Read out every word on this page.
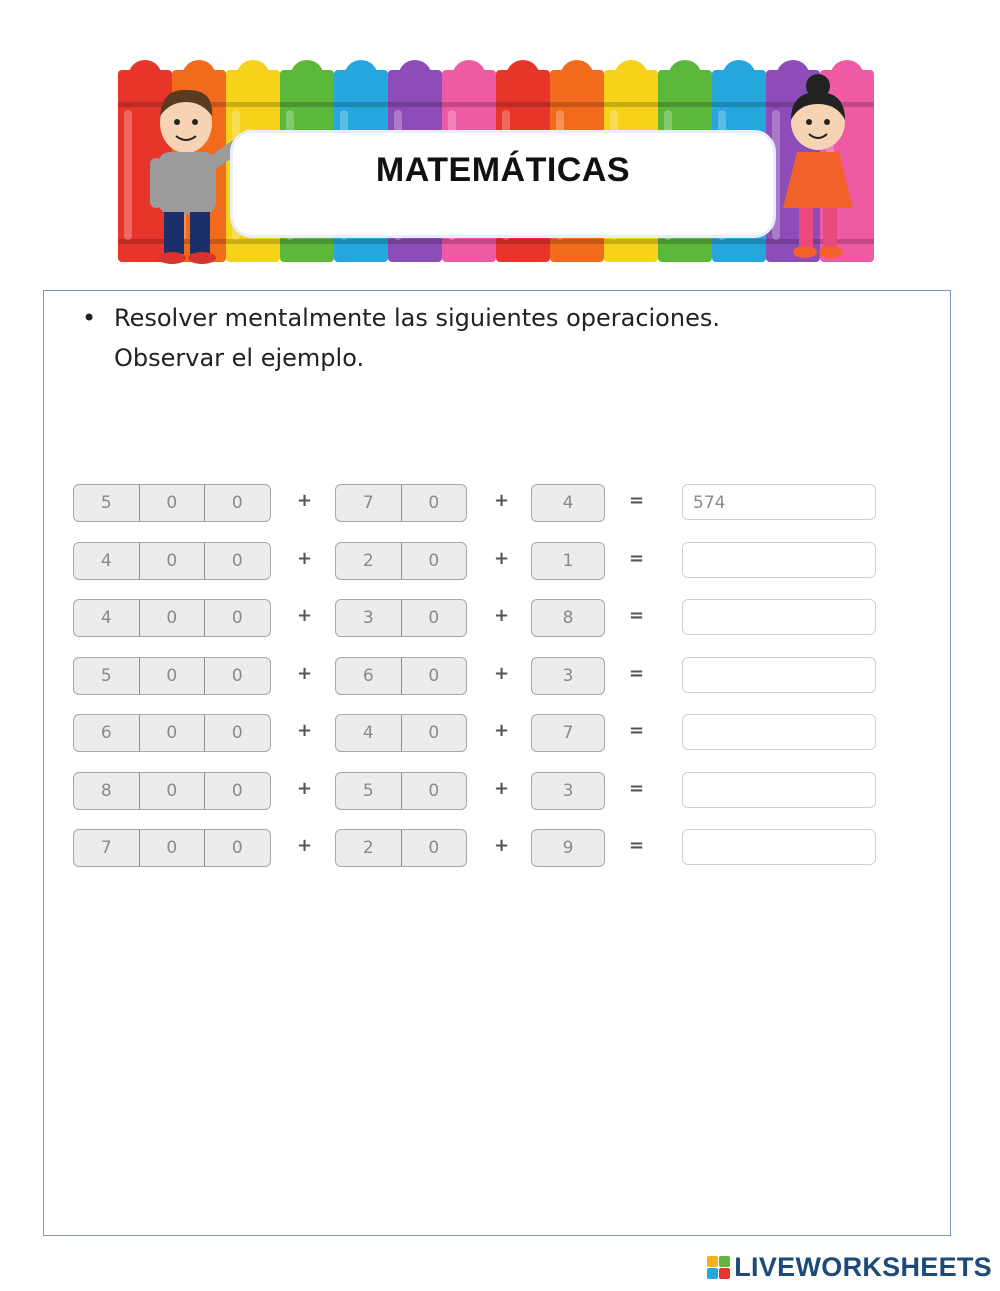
MATEMÁTICAS
• Resolver mentalmente las siguientes operaciones.
Observar el ejemplo.
5	0	0	+	7	0	+	4	=	574
4	0	0	+	2	0	+	1	=
4	0	0	+	3	0	+	8	=
5	0	0	+	6	0	+	3	=
6	0	0	+	4	0	+	7	=
8	0	0	+	5	0	+	3	=
7	0	0	+	2	0	+	9	=
LIVEWORKSHEETS
